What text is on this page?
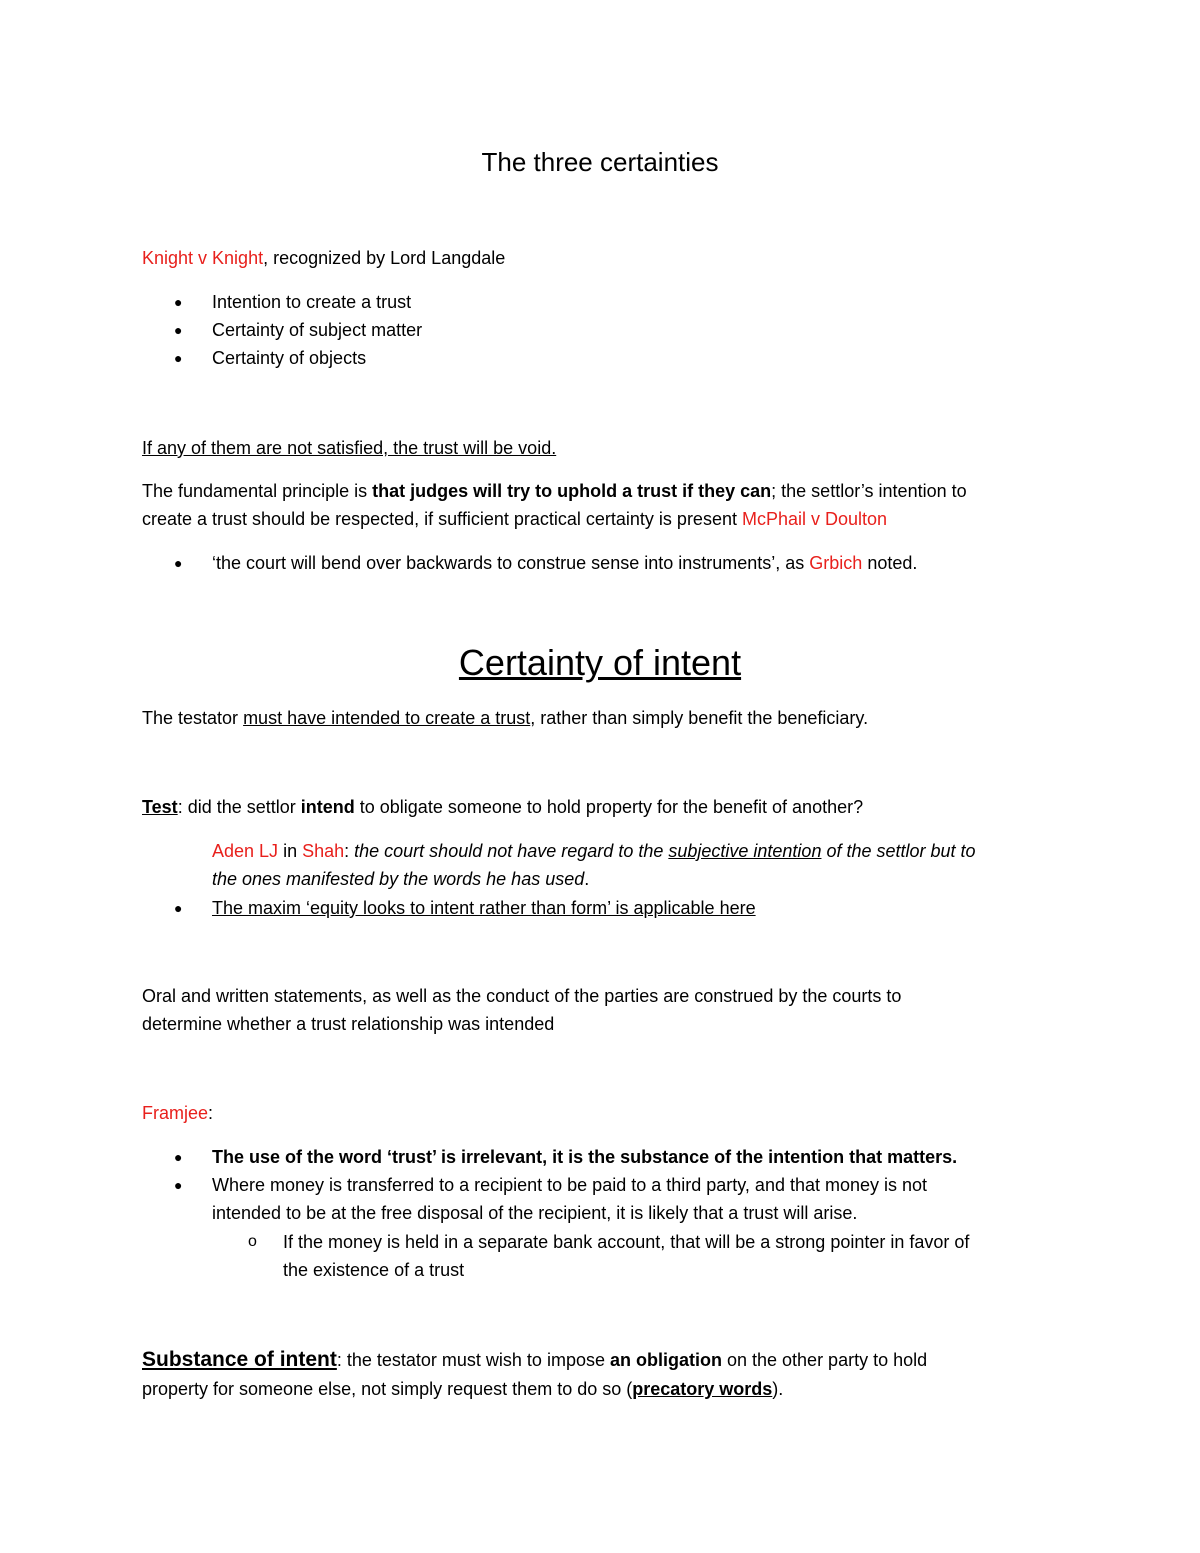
The three certainties
Knight v Knight, recognized by Lord Langdale
● Intention to create a trust
● Certainty of subject matter
● Certainty of objects
If any of them are not satisfied, the trust will be void.
The fundamental principle is that judges will try to uphold a trust if they can; the settlor’s intention to
create a trust should be respected, if sufficient practical certainty is present McPhail v Doulton
● ‘the court will bend over backwards to construe sense into instruments’, as Grbich noted.
Certainty of intent
The testator must have intended to create a trust, rather than simply benefit the beneficiary.
Test: did the settlor intend to obligate someone to hold property for the benefit of another?
Aden LJ in Shah: the court should not have regard to the subjective intention of the settlor but to
the ones manifested by the words he has used.
● The maxim ‘equity looks to intent rather than form’ is applicable here
Oral and written statements, as well as the conduct of the parties are construed by the courts to
determine whether a trust relationship was intended
Framjee:
● The use of the word ‘trust’ is irrelevant, it is the substance of the intention that matters.
● Where money is transferred to a recipient to be paid to a third party, and that money is not
intended to be at the free disposal of the recipient, it is likely that a trust will arise.
o If the money is held in a separate bank account, that will be a strong pointer in favor of
the existence of a trust
Substance of intent: the testator must wish to impose an obligation on the other party to hold
property for someone else, not simply request them to do so (precatory words).
